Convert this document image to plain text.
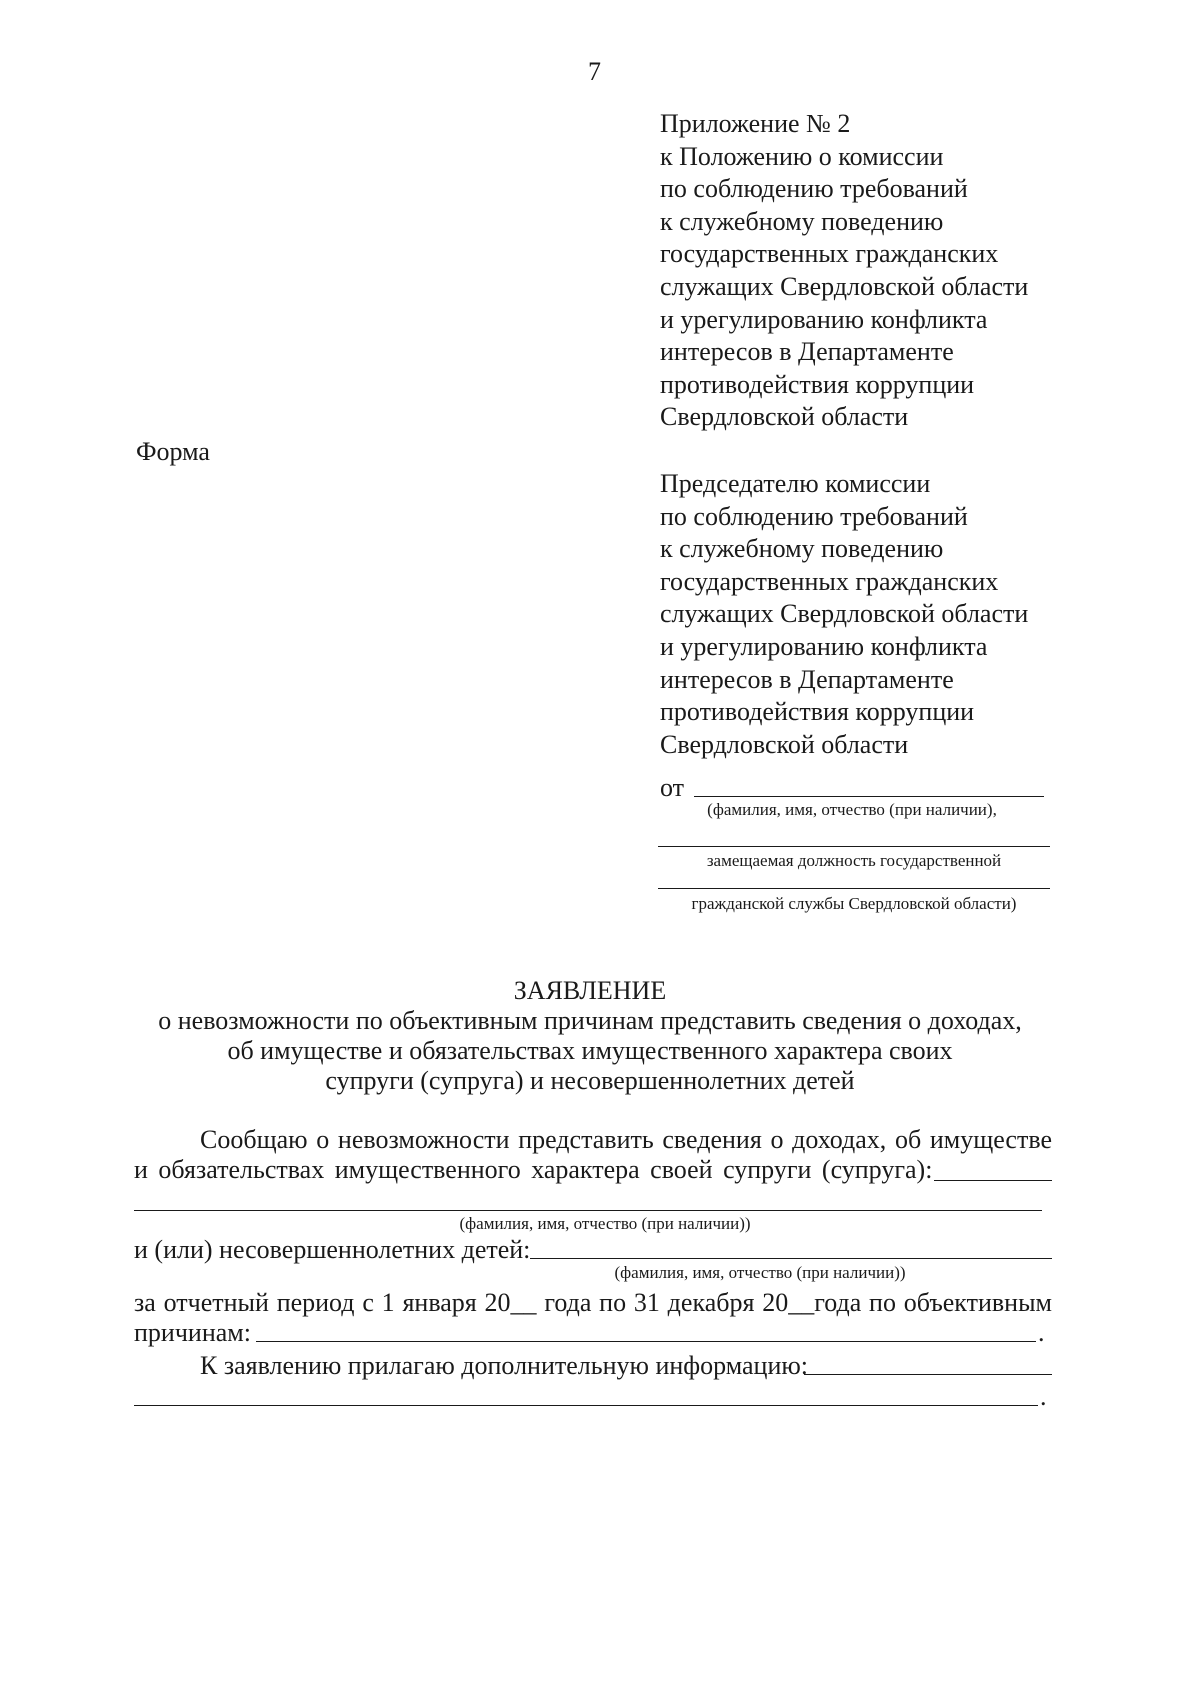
7
Приложение № 2
к Положению о комиссии
по соблюдению требований
к служебному поведению
государственных гражданских
служащих Свердловской области
и урегулированию конфликта
интересов в Департаменте
противодействия коррупции
Свердловской области
Форма
Председателю комиссии
по соблюдению требований
к служебному поведению
государственных гражданских
служащих Свердловской области
и урегулированию конфликта
интересов в Департаменте
противодействия коррупции
Свердловской области
от
(фамилия, имя, отчество (при наличии),
замещаемая должность государственной
гражданской службы Свердловской области)
ЗАЯВЛЕНИЕ
о невозможности по объективным причинам представить сведения о доходах,
об имуществе и обязательствах имущественного характера своих
супруги (супруга) и несовершеннолетних детей
Сообщаю о невозможности представить сведения о доходах, об имуществе
и обязательствах имущественного характера своей супруги (супруга):
(фамилия, имя, отчество (при наличии))
и (или) несовершеннолетних детей:
(фамилия, имя, отчество (при наличии))
за отчетный период с 1 января 20__ года по 31 декабря 20__года по объективным
причинам:	.
К заявлению прилагаю дополнительную информацию:
.
